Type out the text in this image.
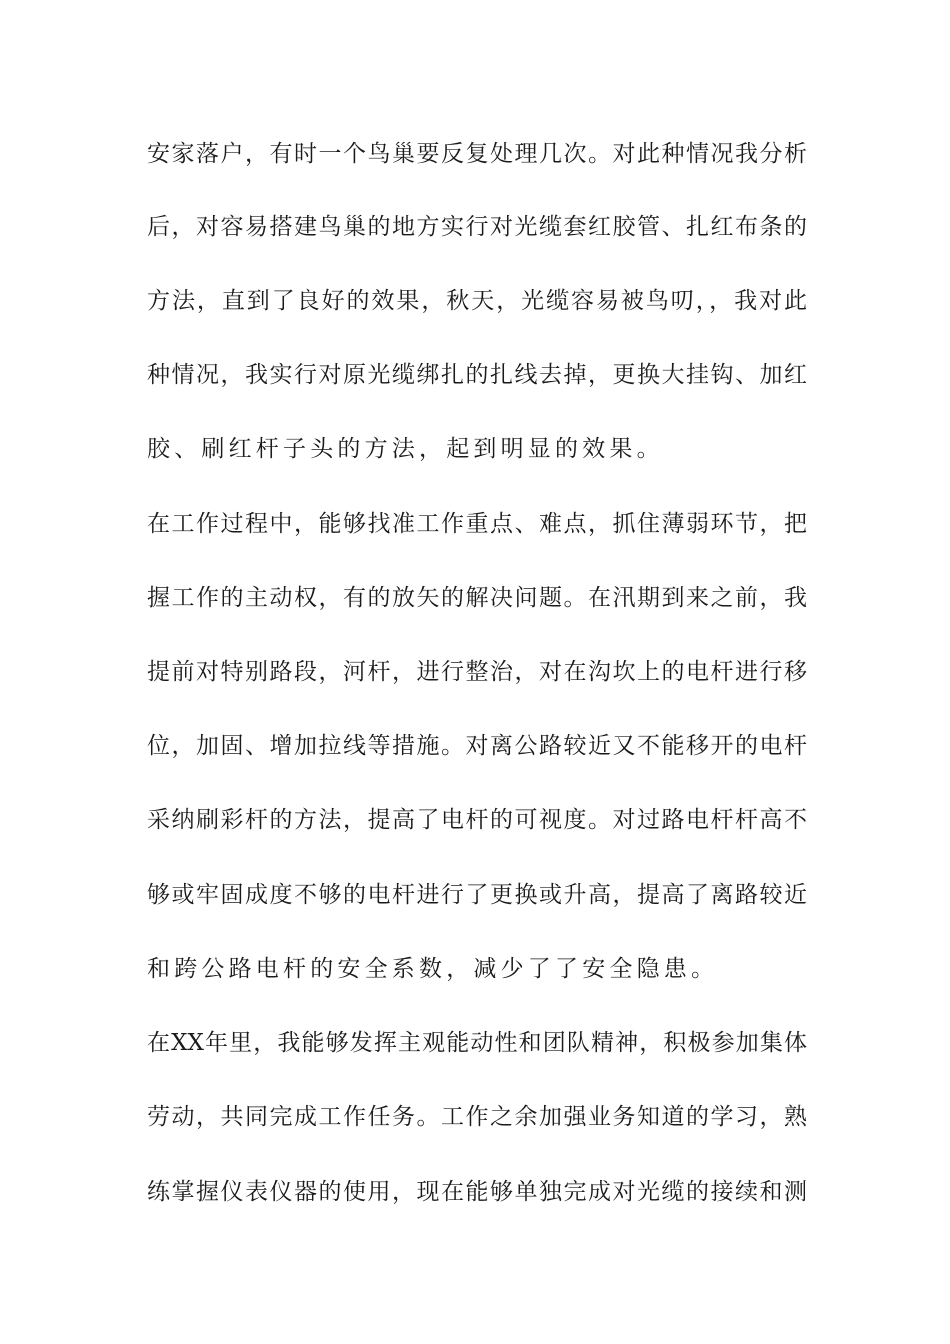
安家落户，有时一个鸟巢要反复处理几次。对此种情况我分析
后，对容易搭建鸟巢的地方实行对光缆套红胶管、扎红布条的
方法，直到了良好的效果，秋天，光缆容易被鸟叨，，我对此
种情况，我实行对原光缆绑扎的扎线去掉，更换大挂钩、加红
胶、刷红杆子头的方法，起到明显的效果。
在工作过程中，能够找准工作重点、难点，抓住薄弱环节，把
握工作的主动权，有的放矢的解决问题。在汛期到来之前，我
提前对特别路段，河杆，进行整治，对在沟坎上的电杆进行移
位，加固、增加拉线等措施。对离公路较近又不能移开的电杆
采纳刷彩杆的方法，提高了电杆的可视度。对过路电杆杆高不
够或牢固成度不够的电杆进行了更换或升高，提高了离路较近
和跨公路电杆的安全系数，减少了了安全隐患。
在XX年里，我能够发挥主观能动性和团队精神，积极参加集体
劳动，共同完成工作任务。工作之余加强业务知道的学习，熟
练掌握仪表仪器的使用，现在能够单独完成对光缆的接续和测
